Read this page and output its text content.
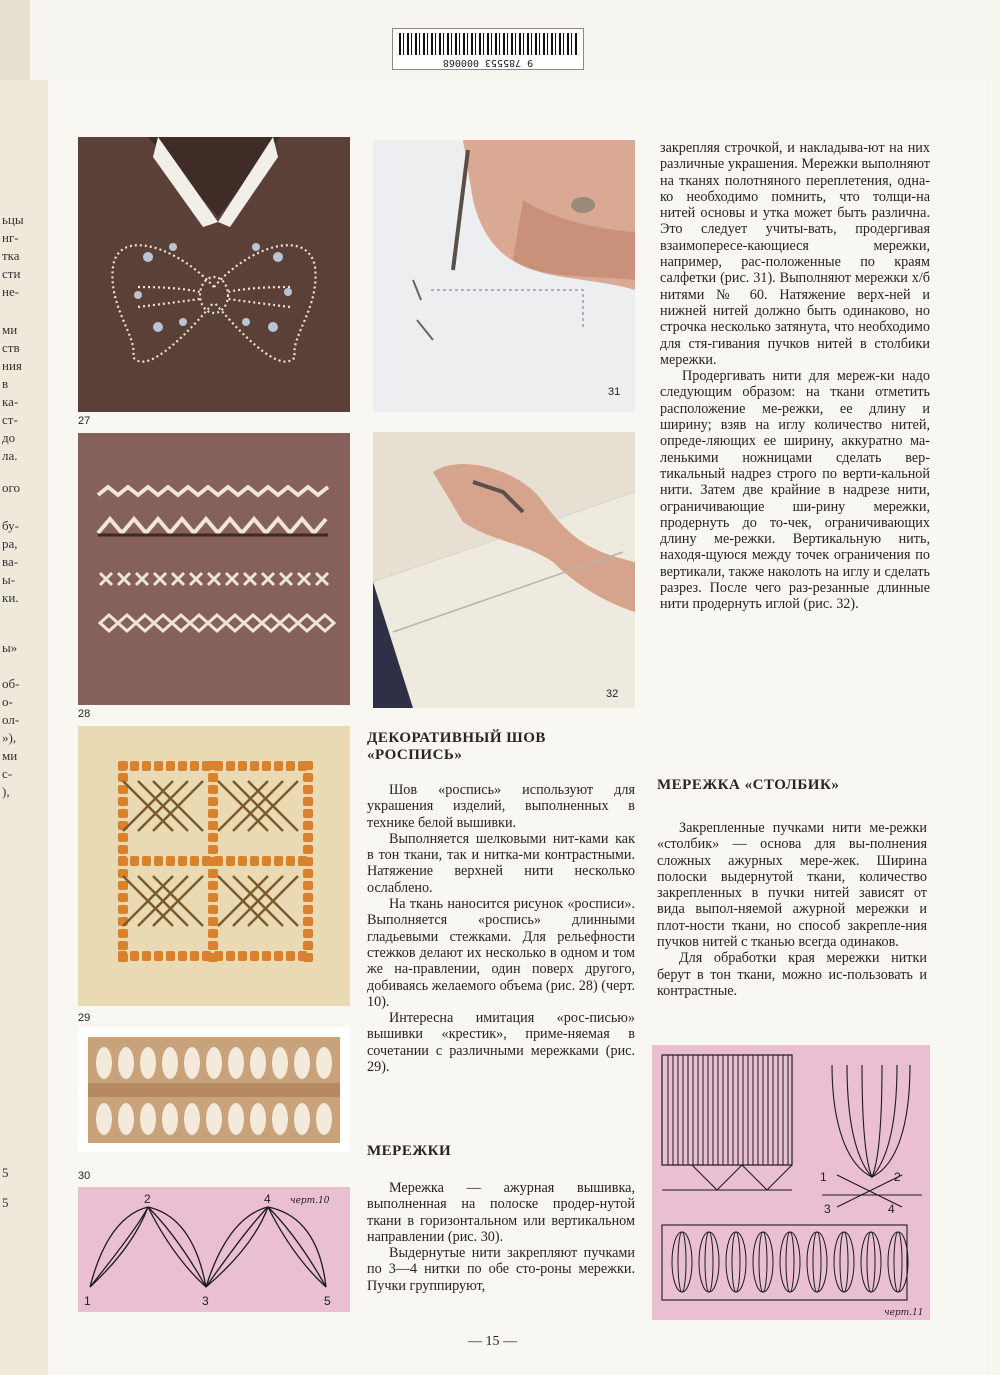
ьцы
нг-
тка
сти
не-
ми
ств
ния
в
ка-
ст-
до
ла.
ого
бу-
ра,
ва-
ы-
ки.
ы»
об-
о-
ол-
»),
ми
с-
),
5
5
9 785553 000068
27
28
29
30
черт.10
1
2
3
4
5
31
32

закрепляя строчкой, и накладыва-ют на них различные украшения. Мережки выполняют на тканях полотняного переплетения, одна-ко необходимо помнить, что толщи-на нитей основы и утка может быть различна. Это следует учиты-вать, продергивая взаимопересе-кающиеся мережки, например, рас-положенные по краям салфетки (рис. 31). Выполняют мережки х/б нитями № 60. Натяжение верх-ней и нижней нитей должно быть одинаково, но строчка несколько затянута, что необходимо для стя-гивания пучков нитей в столбики мережки.

Продергивать нити для мереж-ки надо следующим образом: на ткани отметить расположение ме-режки, ее длину и ширину; взяв на иглу количество нитей, опреде-ляющих ее ширину, аккуратно ма-ленькими ножницами сделать вер-тикальный надрез строго по верти-кальной нити. Затем две крайние в надрезе нити, ограничивающие ши-рину мережки, продернуть до то-чек, ограничивающих длину ме-режки. Вертикальную нить, находя-щуюся между точек ограничения по вертикали, также наколоть на иглу и сделать разрез. После чего раз-резанные длинные нити продернуть иглой (рис. 32).

ДЕКОРАТИВНЫЙ ШОВ «РОСПИСЬ»

Шов «роспись» используют для украшения изделий, выполненных в технике белой вышивки.

Выполняется шелковыми нит-ками как в тон ткани, так и нитка-ми контрастными. Натяжение верхней нити несколько ослаблено.

На ткань наносится рисунок «росписи». Выполняется «роспись» длинными гладьевыми стежками. Для рельефности стежков делают их несколько в одном и том же на-правлении, один поверх другого, добиваясь желаемого объема (рис. 28) (черт. 10).

Интересна имитация «рос-писью» вышивки «крестик», приме-няемая в сочетании с различными мережками (рис. 29).

МЕРЕЖКИ

Мережка — ажурная вышивка, выполненная на полоске продер-нутой ткани в горизонтальном или вертикальном направлении (рис. 30).

Выдернутые нити закрепляют пучками по 3—4 нитки по обе сто-роны мережки. Пучки группируют,

МЕРЕЖКА «СТОЛБИК»

Закрепленные пучками нити ме-режки «столбик» — основа для вы-полнения сложных ажурных мере-жек. Ширина полоски выдернутой ткани, количество закрепленных в пучки нитей зависят от вида выпол-няемой ажурной мережки и плот-ности ткани, но способ закрепле-ния пучков нитей с тканью всегда одинаков.

Для обработки края мережки нитки берут в тон ткани, можно ис-пользовать и контрастные.

1	2
3	4
черт.11
— 15 —
